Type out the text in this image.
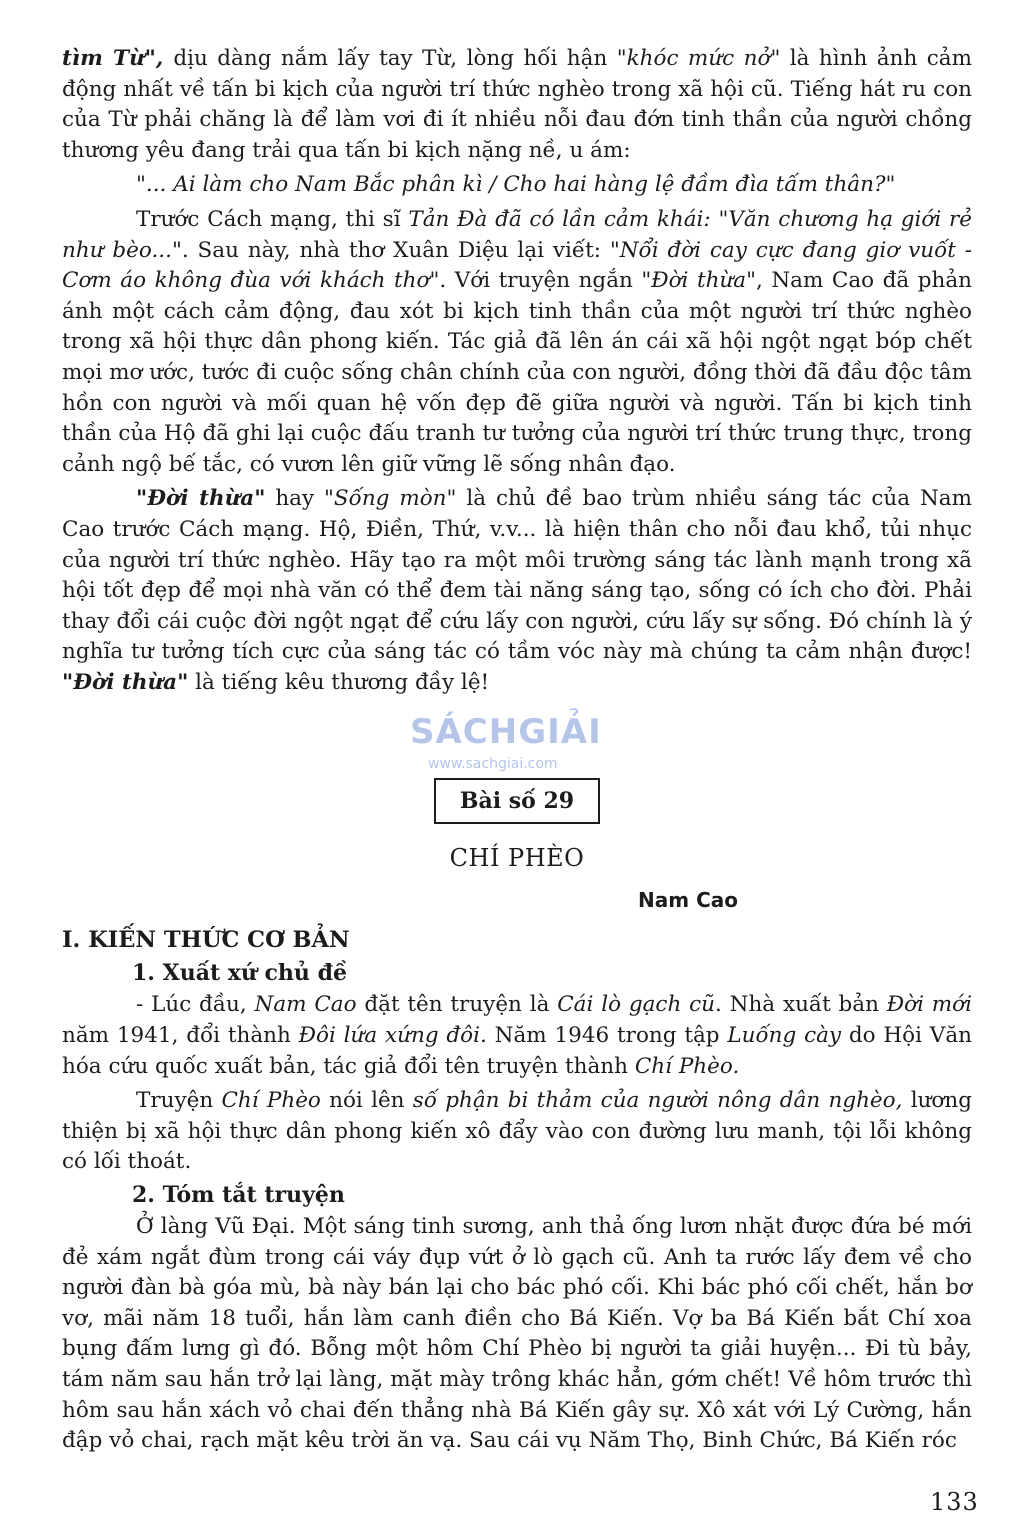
tìm Từ", dịu dàng nắm lấy tay Từ, lòng hối hận "khóc mức nở" là hình ảnh cảm động nhất về tấn bi kịch của người trí thức nghèo trong xã hội cũ. Tiếng hát ru con của Từ phải chăng là để làm vơi đi ít nhiều nỗi đau đớn tinh thần của người chồng thương yêu đang trải qua tấn bi kịch nặng nề, u ám:

"... Ai làm cho Nam Bắc phân kì / Cho hai hàng lệ đầm đìa tấm thân?"

Trước Cách mạng, thi sĩ Tản Đà đã có lần cảm khái: "Văn chương hạ giới rẻ như bèo...". Sau này, nhà thơ Xuân Diệu lại viết: "Nổi đời cay cực đang giơ vuốt - Cơm áo không đùa với khách thơ". Với truyện ngắn "Đời thừa", Nam Cao đã phản ánh một cách cảm động, đau xót bi kịch tinh thần của một người trí thức nghèo trong xã hội thực dân phong kiến. Tác giả đã lên án cái xã hội ngột ngạt bóp chết mọi mơ ước, tước đi cuộc sống chân chính của con người, đồng thời đã đầu độc tâm hồn con người và mối quan hệ vốn đẹp đẽ giữa người và người. Tấn bi kịch tinh thần của Hộ đã ghi lại cuộc đấu tranh tư tưởng của người trí thức trung thực, trong cảnh ngộ bế tắc, có vươn lên giữ vững lẽ sống nhân đạo.

"Đời thừa" hay "Sống mòn" là chủ đề bao trùm nhiều sáng tác của Nam Cao trước Cách mạng. Hộ, Điền, Thứ, v.v... là hiện thân cho nỗi đau khổ, tủi nhục của người trí thức nghèo. Hãy tạo ra một môi trường sáng tác lành mạnh trong xã hội tốt đẹp để mọi nhà văn có thể đem tài năng sáng tạo, sống có ích cho đời. Phải thay đổi cái cuộc đời ngột ngạt để cứu lấy con người, cứu lấy sự sống. Đó chính là ý nghĩa tư tưởng tích cực của sáng tác có tầm vóc này mà chúng ta cảm nhận được! "Đời thừa" là tiếng kêu thương đầy lệ!

Bài số 29
CHÍ PHÈO
Nam Cao
I. KIẾN THỨC CƠ BẢN
1. Xuất xứ chủ đề

- Lúc đầu, Nam Cao đặt tên truyện là Cái lò gạch cũ. Nhà xuất bản Đời mới năm 1941, đổi thành Đôi lứa xứng đôi. Năm 1946 trong tập Luống cày do Hội Văn hóa cứu quốc xuất bản, tác giả đổi tên truyện thành Chí Phèo.

Truyện Chí Phèo nói lên số phận bi thảm của người nông dân nghèo, lương thiện bị xã hội thực dân phong kiến xô đẩy vào con đường lưu manh, tội lỗi không có lối thoát.

2. Tóm tắt truyện

Ở làng Vũ Đại. Một sáng tinh sương, anh thả ống lươn nhặt được đứa bé mới đẻ xám ngắt đùm trong cái váy đụp vứt ở lò gạch cũ. Anh ta rước lấy đem về cho người đàn bà góa mù, bà này bán lại cho bác phó cối. Khi bác phó cối chết, hắn bơ vơ, mãi năm 18 tuổi, hắn làm canh điền cho Bá Kiến. Vợ ba Bá Kiến bắt Chí xoa bụng đấm lưng gì đó. Bỗng một hôm Chí Phèo bị người ta giải huyện... Đi tù bảy, tám năm sau hắn trở lại làng, mặt mày trông khác hẳn, gớm chết! Về hôm trước thì hôm sau hắn xách vỏ chai đến thẳng nhà Bá Kiến gây sự. Xô xát với Lý Cường, hắn đập vỏ chai, rạch mặt kêu trời ăn vạ. Sau cái vụ Năm Thọ, Binh Chức, Bá Kiến róc

SÁCHGIẢI
www.sachgiai.com
133
